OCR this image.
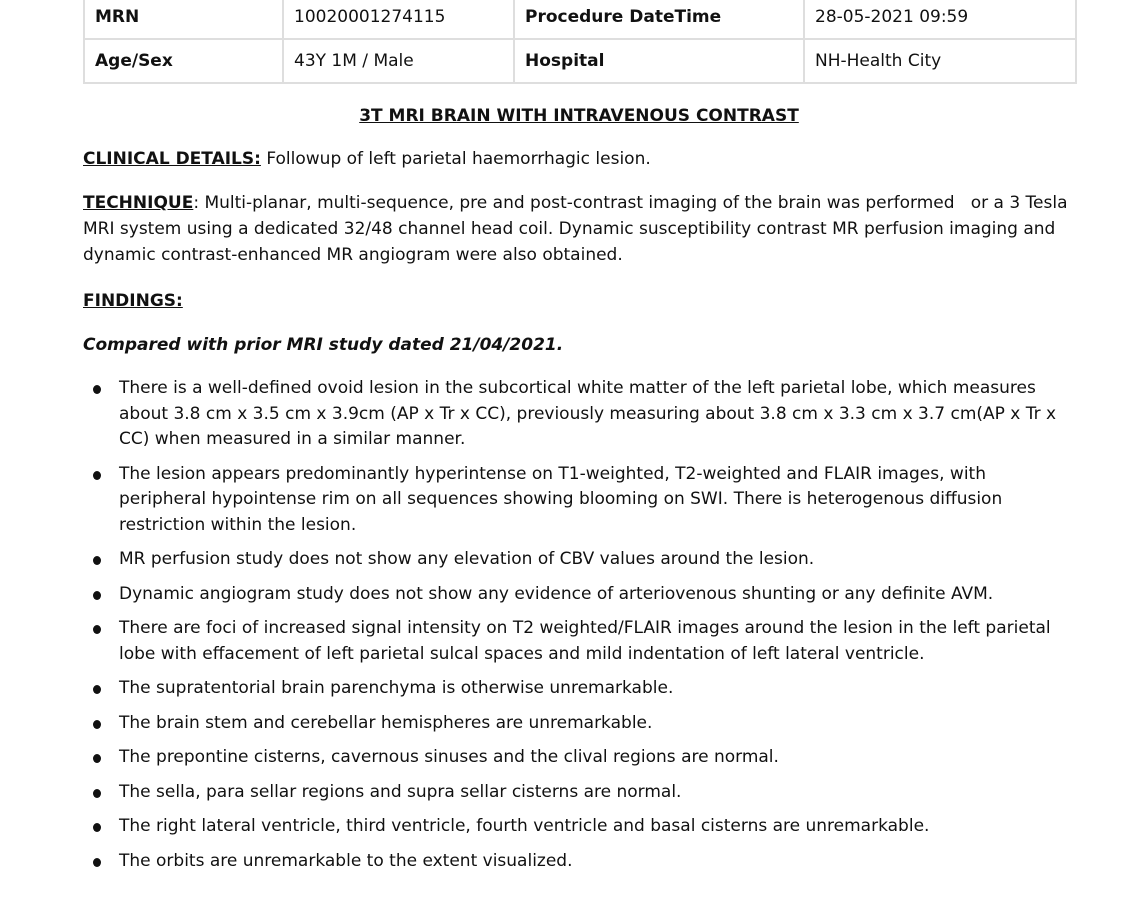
MRN	10020001274115	Procedure DateTime	28-05-2021 09:59
Age/Sex	43Y 1M / Male	Hospital	NH-Health City
3T MRI BRAIN WITH INTRAVENOUS CONTRAST

CLINICAL DETAILS: Followup of left parietal haemorrhagic lesion.

TECHNIQUE: Multi-planar, multi-sequence, pre and post-contrast imaging of the brain was performed   or a 3 Tesla MRI system using a dedicated 32/48 channel head coil. Dynamic susceptibility contrast MR perfusion imaging and dynamic contrast-enhanced MR angiogram were also obtained.

FINDINGS:

Compared with prior MRI study dated 21/04/2021.

There is a well-defined ovoid lesion in the subcortical white matter of the left parietal lobe, which measures about 3.8 cm x 3.5 cm x 3.9cm (AP x Tr x CC), previously measuring about 3.8 cm x 3.3 cm x 3.7 cm(AP x Tr x CC) when measured in a similar manner.
The lesion appears predominantly hyperintense on T1-weighted, T2-weighted and FLAIR images, with peripheral hypointense rim on all sequences showing blooming on SWI. There is heterogenous diffusion restriction within the lesion.
MR perfusion study does not show any elevation of CBV values around the lesion.
Dynamic angiogram study does not show any evidence of arteriovenous shunting or any definite AVM.
There are foci of increased signal intensity on T2 weighted/FLAIR images around the lesion in the left parietal lobe with effacement of left parietal sulcal spaces and mild indentation of left lateral ventricle.
The supratentorial brain parenchyma is otherwise unremarkable.
The brain stem and cerebellar hemispheres are unremarkable.
The prepontine cisterns, cavernous sinuses and the clival regions are normal.
The sella, para sellar regions and supra sellar cisterns are normal.
The right lateral ventricle, third ventricle, fourth ventricle and basal cisterns are unremarkable.
The orbits are unremarkable to the extent visualized.
